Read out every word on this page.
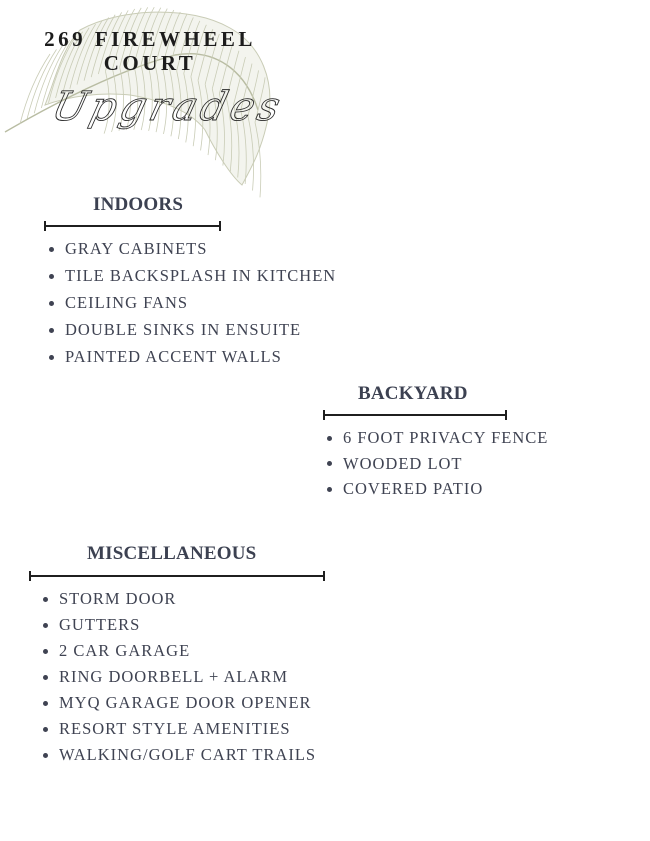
269 FIREWHEEL
COURT
Upgrades
INDOORS
GRAY CABINETS
TILE BACKSPLASH IN KITCHEN
CEILING FANS
DOUBLE SINKS IN ENSUITE
PAINTED ACCENT WALLS
BACKYARD
6 FOOT PRIVACY FENCE
WOODED LOT
COVERED PATIO
MISCELLANEOUS
STORM DOOR
GUTTERS
2 CAR GARAGE
RING DOORBELL + ALARM
MYQ GARAGE DOOR OPENER
RESORT STYLE AMENITIES
WALKING/GOLF CART TRAILS
